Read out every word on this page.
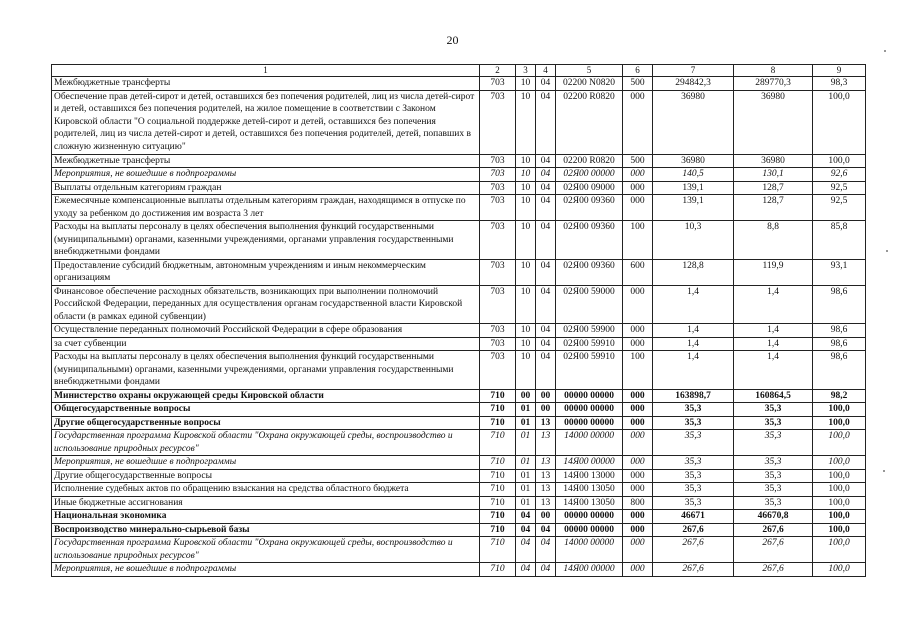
20
1	2	3	4	5	6	7	8	9
Межбюджетные трансферты	703	10	04	02200 N0820	500	294842,3	289770,3	98,3
Обеспечение прав детей-сирот и детей, оставшихся без попечения родителей, лиц из числа детей-сирот и детей, оставшихся без попечения родителей, на жилое помещение в соответствии с Законом Кировской области "О социальной поддержке детей-сирот и детей, оставшихся без попечения родителей, лиц из числа детей-сирот и детей, оставшихся без попечения родителей, детей, попавших в сложную жизненную ситуацию"	703	10	04	02200 R0820	000	36980	36980	100,0
Межбюджетные трансферты	703	10	04	02200 R0820	500	36980	36980	100,0
Мероприятия, не вошедшие в подпрограммы	703	10	04	02Я00 00000	000	140,5	130,1	92,6
Выплаты отдельным категориям граждан	703	10	04	02Я00 09000	000	139,1	128,7	92,5
Ежемесячные компенсационные выплаты отдельным категориям граждан, находящимся в отпуске по уходу за ребенком до достижения им возраста 3 лет	703	10	04	02Я00 09360	000	139,1	128,7	92,5
Расходы на выплаты персоналу в целях обеспечения выполнения функций государственными (муниципальными) органами, казенными учреждениями, органами управления государственными внебюджетными фондами	703	10	04	02Я00 09360	100	10,3	8,8	85,8
Предоставление субсидий бюджетным, автономным учреждениям и иным некоммерческим организациям	703	10	04	02Я00 09360	600	128,8	119,9	93,1
Финансовое обеспечение расходных обязательств, возникающих при выполнении полномочий Российской Федерации, переданных для осуществления органам государственной власти Кировской области (в рамках единой субвенции)	703	10	04	02Я00 59000	000	1,4	1,4	98,6
Осуществление переданных полномочий Российской Федерации в сфере образования	703	10	04	02Я00 59900	000	1,4	1,4	98,6
за счет субвенции	703	10	04	02Я00 59910	000	1,4	1,4	98,6
Расходы на выплаты персоналу в целях обеспечения выполнения функций государственными (муниципальными) органами, казенными учреждениями, органами управления государственными внебюджетными фондами	703	10	04	02Я00 59910	100	1,4	1,4	98,6
Министерство охраны окружающей среды Кировской области	710	00	00	00000 00000	000	163898,7	160864,5	98,2
Общегосударственные вопросы	710	01	00	00000 00000	000	35,3	35,3	100,0
Другие общегосударственные вопросы	710	01	13	00000 00000	000	35,3	35,3	100,0
Государственная программа Кировской области "Охрана окружающей среды, воспроизводство и использование природных ресурсов"	710	01	13	14000 00000	000	35,3	35,3	100,0
Мероприятия, не вошедшие в подпрограммы	710	01	13	14Я00 00000	000	35,3	35,3	100,0
Другие общегосударственные вопросы	710	01	13	14Я00 13000	000	35,3	35,3	100,0
Исполнение судебных актов по обращению взыскания на средства областного бюджета	710	01	13	14Я00 13050	000	35,3	35,3	100,0
Иные бюджетные ассигнования	710	01	13	14Я00 13050	800	35,3	35,3	100,0
Национальная экономика	710	04	00	00000 00000	000	46671	46670,8	100,0
Воспроизводство минерально-сырьевой базы	710	04	04	00000 00000	000	267,6	267,6	100,0
Государственная программа Кировской области "Охрана окружающей среды, воспроизводство и использование природных ресурсов"	710	04	04	14000 00000	000	267,6	267,6	100,0
Мероприятия, не вошедшие в подпрограммы	710	04	04	14Я00 00000	000	267,6	267,6	100,0
